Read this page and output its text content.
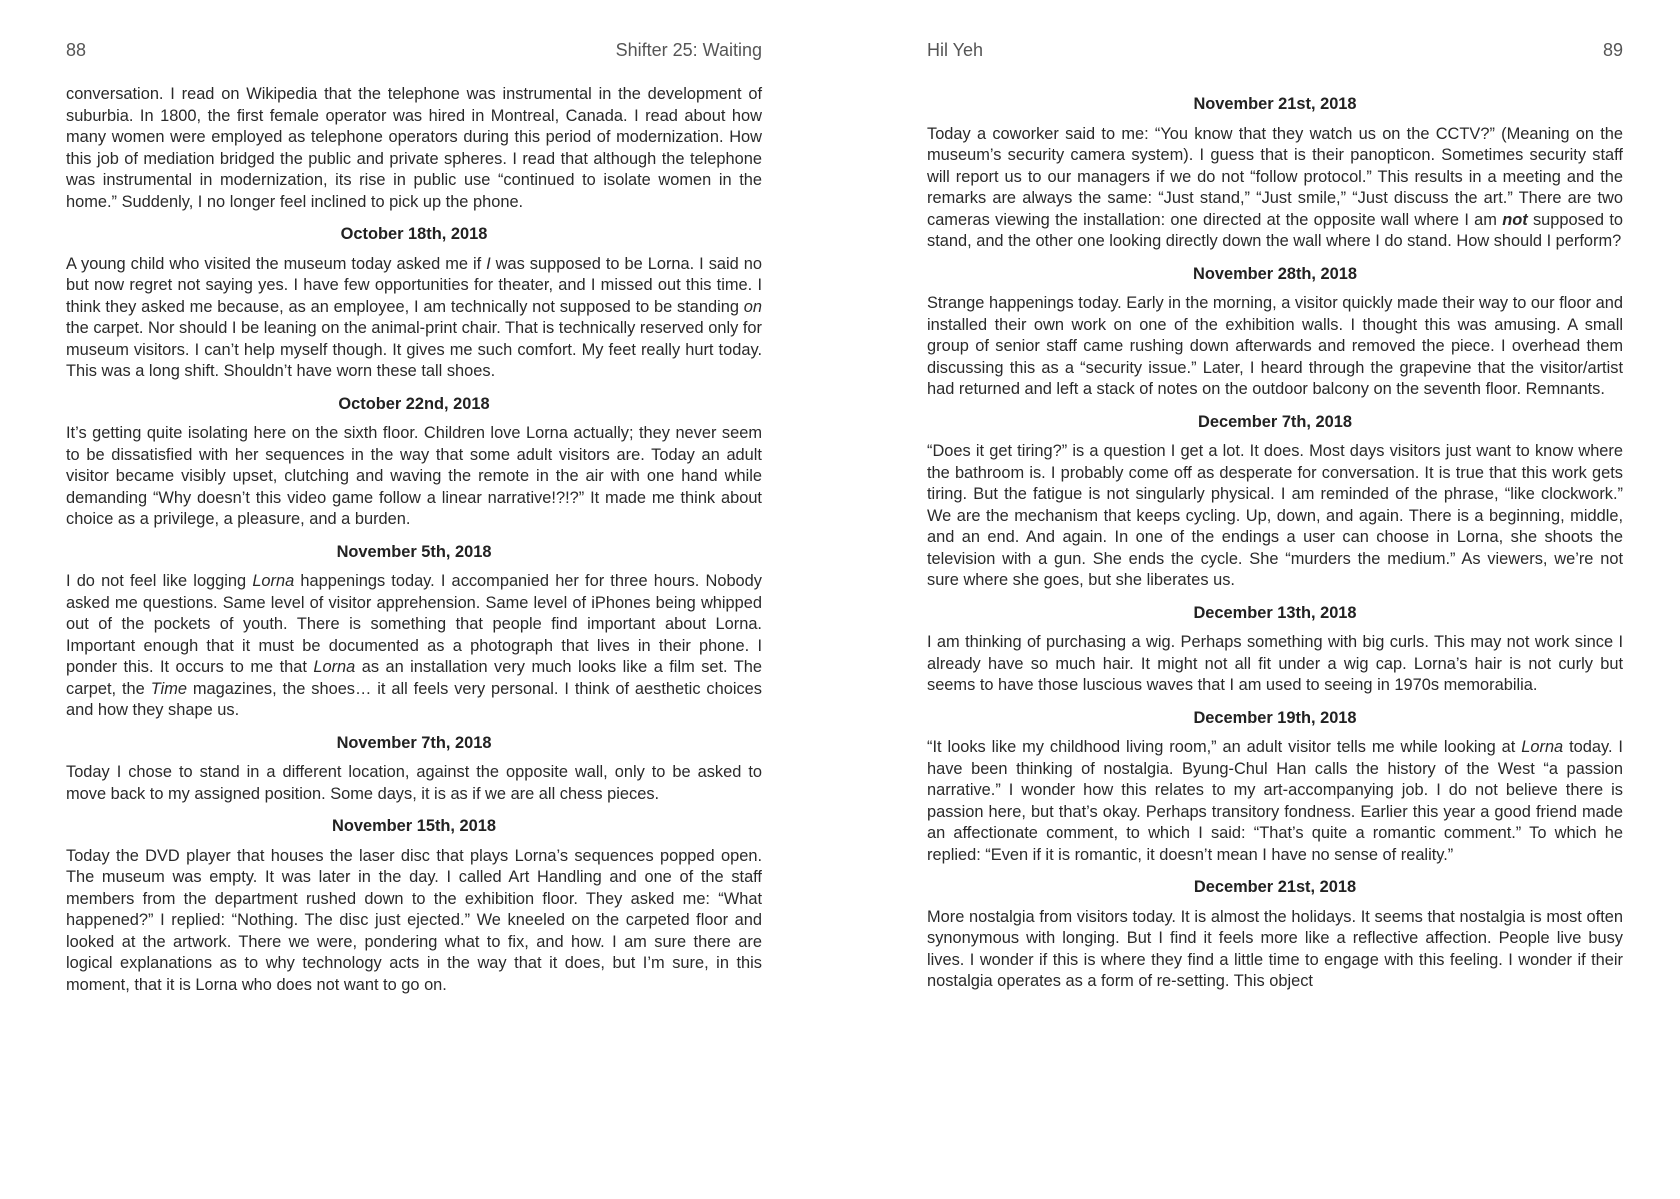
88	Shifter 25: Waiting

conversation. I read on Wikipedia that the telephone was instrumental in the development of suburbia. In 1800, the first female operator was hired in Montreal, Canada. I read about how many women were employed as telephone operators during this period of modernization. How this job of mediation bridged the public and private spheres. I read that although the telephone was instrumental in modernization, its rise in public use “continued to isolate women in the home.” Suddenly, I no longer feel inclined to pick up the phone.

October 18th, 2018

A young child who visited the museum today asked me if I was supposed to be Lorna. I said no but now regret not saying yes. I have few opportunities for theater, and I missed out this time. I think they asked me because, as an employee, I am technically not supposed to be standing on the carpet. Nor should I be leaning on the animal-print chair. That is technically reserved only for museum visitors. I can’t help myself though. It gives me such comfort. My feet really hurt today. This was a long shift. Shouldn’t have worn these tall shoes.

October 22nd, 2018

It’s getting quite isolating here on the sixth floor. Children love Lorna actually; they never seem to be dissatisfied with her sequences in the way that some adult visitors are. Today an adult visitor became visibly upset, clutching and waving the remote in the air with one hand while demanding “Why doesn’t this video game follow a linear narrative!?!?” It made me think about choice as a privilege, a pleasure, and a burden.

November 5th, 2018

I do not feel like logging Lorna happenings today. I accompanied her for three hours. Nobody asked me questions. Same level of visitor apprehension. Same level of iPhones being whipped out of the pockets of youth. There is something that people find important about Lorna. Important enough that it must be documented as a photograph that lives in their phone. I ponder this. It occurs to me that Lorna as an installation very much looks like a film set. The carpet, the Time magazines, the shoes… it all feels very personal. I think of aesthetic choices and how they shape us.

November 7th, 2018

Today I chose to stand in a different location, against the opposite wall, only to be asked to move back to my assigned position. Some days, it is as if we are all chess pieces.

November 15th, 2018

Today the DVD player that houses the laser disc that plays Lorna’s sequences popped open. The museum was empty. It was later in the day. I called Art Handling and one of the staff members from the department rushed down to the exhibition floor. They asked me: “What happened?” I replied: “Nothing. The disc just ejected.” We kneeled on the carpeted floor and looked at the artwork. There we were, pondering what to fix, and how. I am sure there are logical explanations as to why technology acts in the way that it does, but I’m sure, in this moment, that it is Lorna who does not want to go on.

Hil Yeh	89
November 21st, 2018

Today a coworker said to me: “You know that they watch us on the CCTV?” (Meaning on the museum’s security camera system). I guess that is their panopticon. Sometimes security staff will report us to our managers if we do not “follow protocol.” This results in a meeting and the remarks are always the same: “Just stand,” “Just smile,” “Just discuss the art.” There are two cameras viewing the installation: one directed at the opposite wall where I am not supposed to stand, and the other one looking directly down the wall where I do stand. How should I perform?

November 28th, 2018

Strange happenings today. Early in the morning, a visitor quickly made their way to our floor and installed their own work on one of the exhibition walls. I thought this was amusing. A small group of senior staff came rushing down afterwards and removed the piece. I overhead them discussing this as a “security issue.” Later, I heard through the grapevine that the visitor/artist had returned and left a stack of notes on the outdoor balcony on the seventh floor. Remnants.

December 7th, 2018

“Does it get tiring?” is a question I get a lot. It does. Most days visitors just want to know where the bathroom is. I probably come off as desperate for conversation. It is true that this work gets tiring. But the fatigue is not singularly physical. I am reminded of the phrase, “like clockwork.” We are the mechanism that keeps cycling. Up, down, and again. There is a beginning, middle, and an end. And again. In one of the endings a user can choose in Lorna, she shoots the television with a gun. She ends the cycle. She “murders the medium.” As viewers, we’re not sure where she goes, but she liberates us.

December 13th, 2018

I am thinking of purchasing a wig. Perhaps something with big curls. This may not work since I already have so much hair. It might not all fit under a wig cap. Lorna’s hair is not curly but seems to have those luscious waves that I am used to seeing in 1970s memorabilia.

December 19th, 2018

“It looks like my childhood living room,” an adult visitor tells me while looking at Lorna today. I have been thinking of nostalgia. Byung-Chul Han calls the history of the West “a passion narrative.” I wonder how this relates to my art-accompanying job. I do not believe there is passion here, but that’s okay. Perhaps transitory fondness. Earlier this year a good friend made an affectionate comment, to which I said: “That’s quite a romantic comment.” To which he replied: “Even if it is romantic, it doesn’t mean I have no sense of reality.”

December 21st, 2018

More nostalgia from visitors today. It is almost the holidays. It seems that nostalgia is most often synonymous with longing. But I find it feels more like a reflective affection. People live busy lives. I wonder if this is where they find a little time to engage with this feeling. I wonder if their nostalgia operates as a form of re-setting. This object
